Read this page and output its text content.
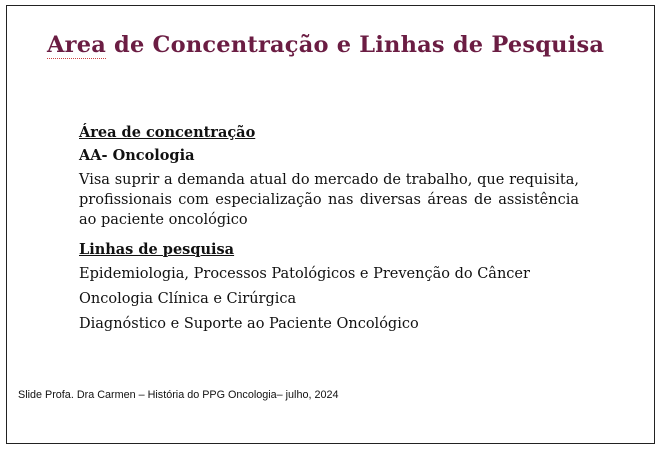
Area de Concentração e Linhas de Pesquisa

Área de concentração

AA- Oncologia

Visa suprir a demanda atual do mercado de trabalho, que requisita, profissionais com especialização nas diversas áreas de assistência ao paciente oncológico

Linhas de pesquisa

Epidemiologia, Processos Patológicos e Prevenção do Câncer

Oncologia Clínica e Cirúrgica

Diagnóstico e Suporte ao Paciente Oncológico

Slide Profa. Dra Carmen – História do PPG Oncologia– julho, 2024
